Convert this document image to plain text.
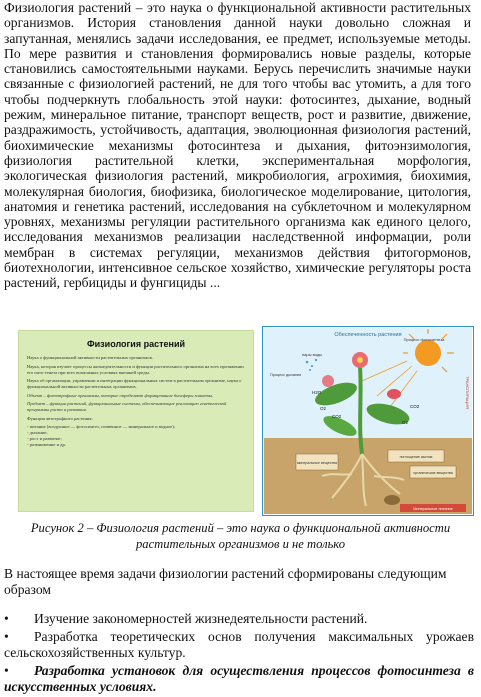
Физиология растений – это наука о функциональной активности растительных организмов. История становления данной науки довольно сложная и запутанная, менялись задачи исследования, ее предмет, используемые методы. По мере развития и становления формировались новые разделы, которые становились самостоятельными науками. Берусь перечислить значимые науки связанные с физиологией растений, не для того чтобы вас утомить, а для того чтобы подчеркнуть глобальность этой науки: фотосинтез, дыхание, водный режим, минеральное питание, транспорт веществ, рост и развитие, движение, раздражимость, устойчивость, адаптация, эволюционная физиология растений, биохимические механизмы фотосинтеза и дыхания, фитоэнзимология, физиология растительной клетки, экспериментальная морфология, экологическая физиология растений, микробиология, агрохимия, биохимия, молекулярная биология, биофизика, биологическое моделирование, цитология, анатомия и генетика растений, исследования на субклеточном и молекулярном уровнях, механизмы регуляции растительного организма как единого целого, исследования механизмов реализации наследственной информации, роли мембран в системах регуляции, механизмов действия фитогормонов, биотехнологии, интенсивное сельское хозяйство, химические регуляторы роста растений, гербициды и фунгициды ...

Физиология растений

Наука о функциональной активности растительных организмов.

Наука, которая изучает процессы жизнедеятельности и функции растительного организма на всех протяжении его онто-генеза при всех возможных условиях внешней среды.

Наука об организации, управлении и интеграции функциональных систем в растительном организме, наука о функциональной активности растительных организмов.

Объект – фототрофные организмы, которые определяют формирование биосферы планеты.

Предмет – функции растений, функциональные системы, обеспечивающие реализацию генетической программы роста и развития.

Функции автотрофного растения:

- питание (воздушное — фотосинтез, почвенное — минеральное и водное);

- дыхание;

- рост и развитие;

- размножение и др.

Обеспеченность растения
Процесс фотосинтеза
пары воды
H2O
CO2
O2
O2
CO2
Процесс дыхания
ТРАНСПИРАЦИЯ
минеральные вещества
поглощение азотом
органические вещества
Минеральное питание
Рисунок 2 – Физиология растений – это наука о функциональной активности растительных организмов и не только

В настоящее время задачи физиологии растений сформированы следующим образом

• Изучение закономерностей жизнедеятельности растений.
• Разработка теоретических основ получения максимальных урожаев сельскохозяйственных культур.
• Разработка установок для осуществления процессов фотосинтеза в искусственных условиях.
